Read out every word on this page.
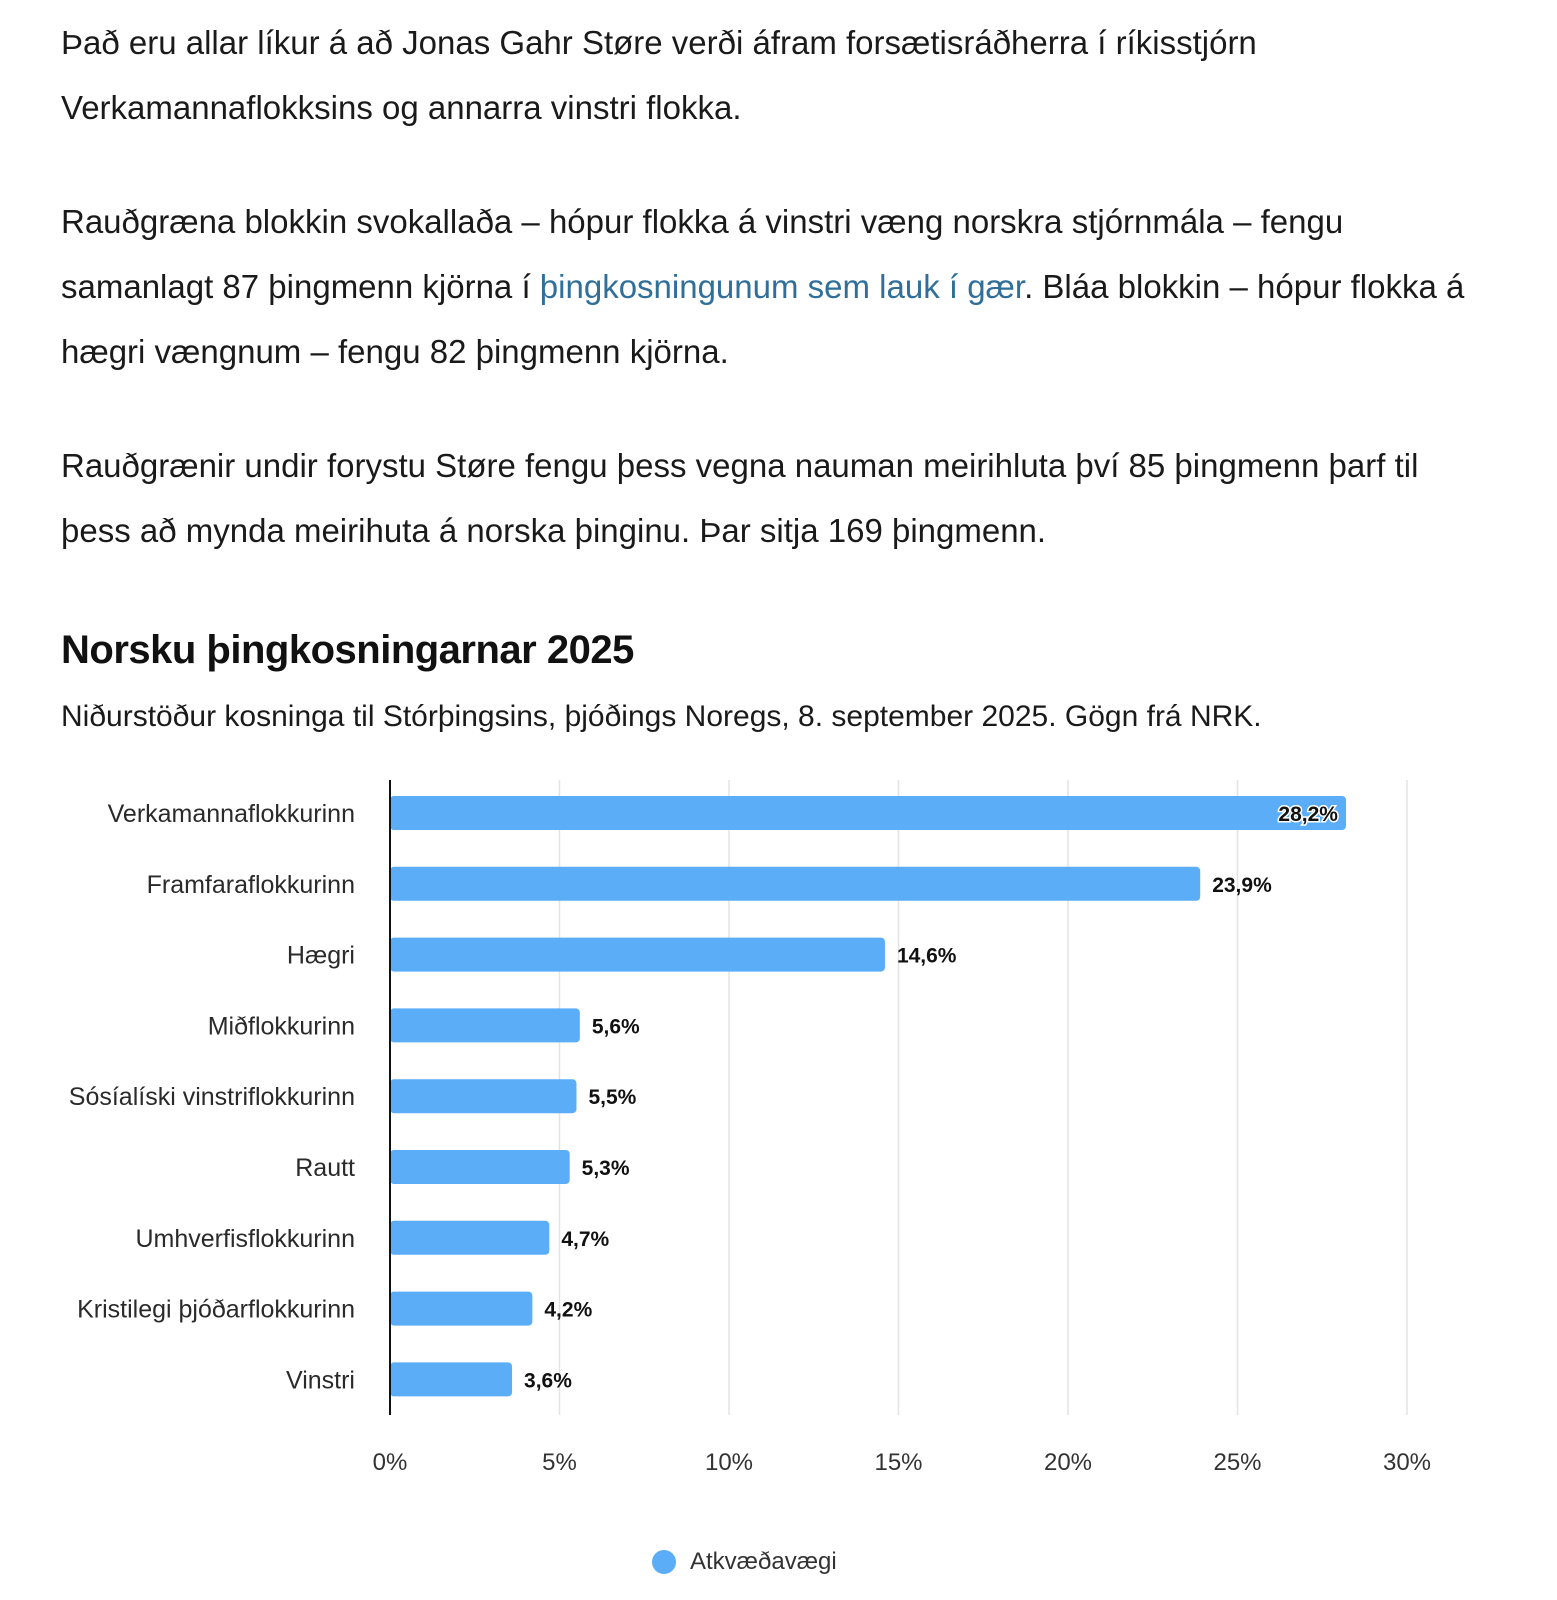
Það eru allar líkur á að Jonas Gahr Støre verði áfram forsætisráðherra í ríkisstjórn Verkamannaflokksins og annarra vinstri flokka.

Rauðgræna blokkin svokallaða – hópur flokka á vinstri væng norskra stjórnmála – fengu samanlagt 87 þingmenn kjörna í þingkosningunum sem lauk í gær. Bláa blokkin – hópur flokka á hægri vængnum – fengu 82 þingmenn kjörna.

Rauðgrænir undir forystu Støre fengu þess vegna nauman meirihluta því 85 þingmenn þarf til þess að mynda meirihuta á norska þinginu. Þar sitja 169 þingmenn.

Norsku þingkosningarnar 2025

Niðurstöður kosninga til Stórþingsins, þjóðings Noregs, 8. september 2025. Gögn frá NRK.

0%	5%	10%	15%	20%	25%	30%
Verkamannaflokkurinn	28,2%
Framfaraflokkurinn	23,9%
Hægri	14,6%
Miðflokkurinn	5,6%
Sósíalíski vinstriflokkurinn	5,5%
Rautt	5,3%
Umhverfisflokkurinn	4,7%
Kristilegi þjóðarflokkurinn	4,2%
Vinstri	3,6%
Atkvæðavægi
